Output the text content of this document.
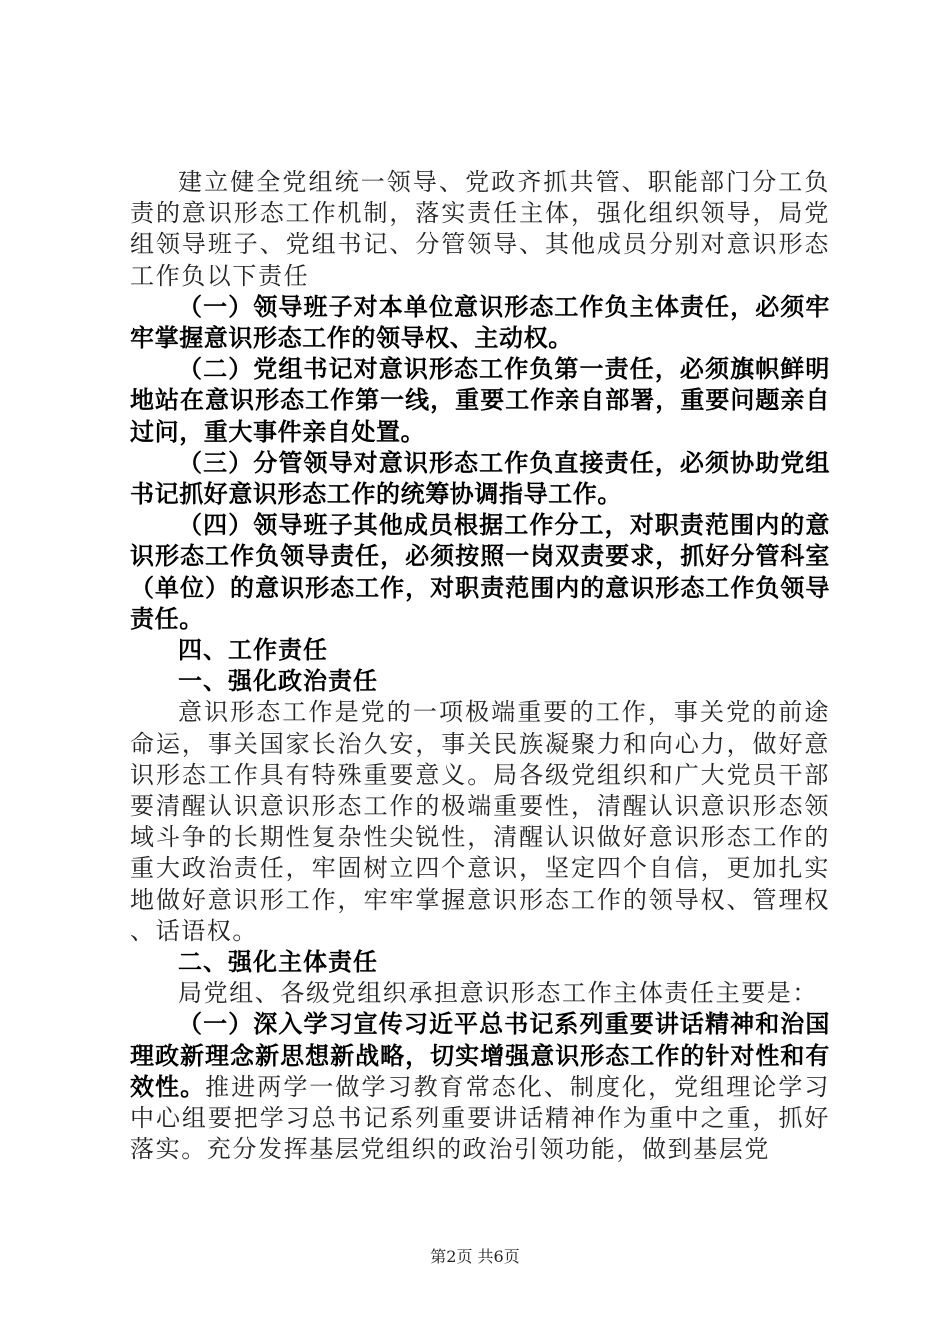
建立健全党组统一领导、党政齐抓共管、职能部门分工负责的意识形态工作机制，落实责任主体，强化组织领导，局党组领导班子、党组书记、分管领导、其他成员分别对意识形态工作负以下责任

（一）领导班子对本单位意识形态工作负主体责任，必须牢牢掌握意识形态工作的领导权、主动权。

（二）党组书记对意识形态工作负第一责任，必须旗帜鲜明地站在意识形态工作第一线，重要工作亲自部署，重要问题亲自过问，重大事件亲自处置。

（三）分管领导对意识形态工作负直接责任，必须协助党组书记抓好意识形态工作的统筹协调指导工作。

（四）领导班子其他成员根据工作分工，对职责范围内的意识形态工作负领导责任，必须按照一岗双责要求，抓好分管科室（单位）的意识形态工作，对职责范围内的意识形态工作负领导责任。

四、工作责任

一、强化政治责任

意识形态工作是党的一项极端重要的工作，事关党的前途命运，事关国家长治久安，事关民族凝聚力和向心力，做好意识形态工作具有特殊重要意义。局各级党组织和广大党员干部要清醒认识意识形态工作的极端重要性，清醒认识意识形态领域斗争的长期性复杂性尖锐性，清醒认识做好意识形态工作的重大政治责任，牢固树立四个意识，坚定四个自信，更加扎实地做好意识形工作，牢牢掌握意识形态工作的领导权、管理权、话语权。

二、强化主体责任

局党组、各级党组织承担意识形态工作主体责任主要是：

（一）深入学习宣传习近平总书记系列重要讲话精神和治国理政新理念新思想新战略，切实增强意识形态工作的针对性和有效性。推进两学一做学习教育常态化、制度化，党组理论学习中心组要把学习总书记系列重要讲话精神作为重中之重，抓好落实。充分发挥基层党组织的政治引领功能，做到基层党

第2页 共6页
